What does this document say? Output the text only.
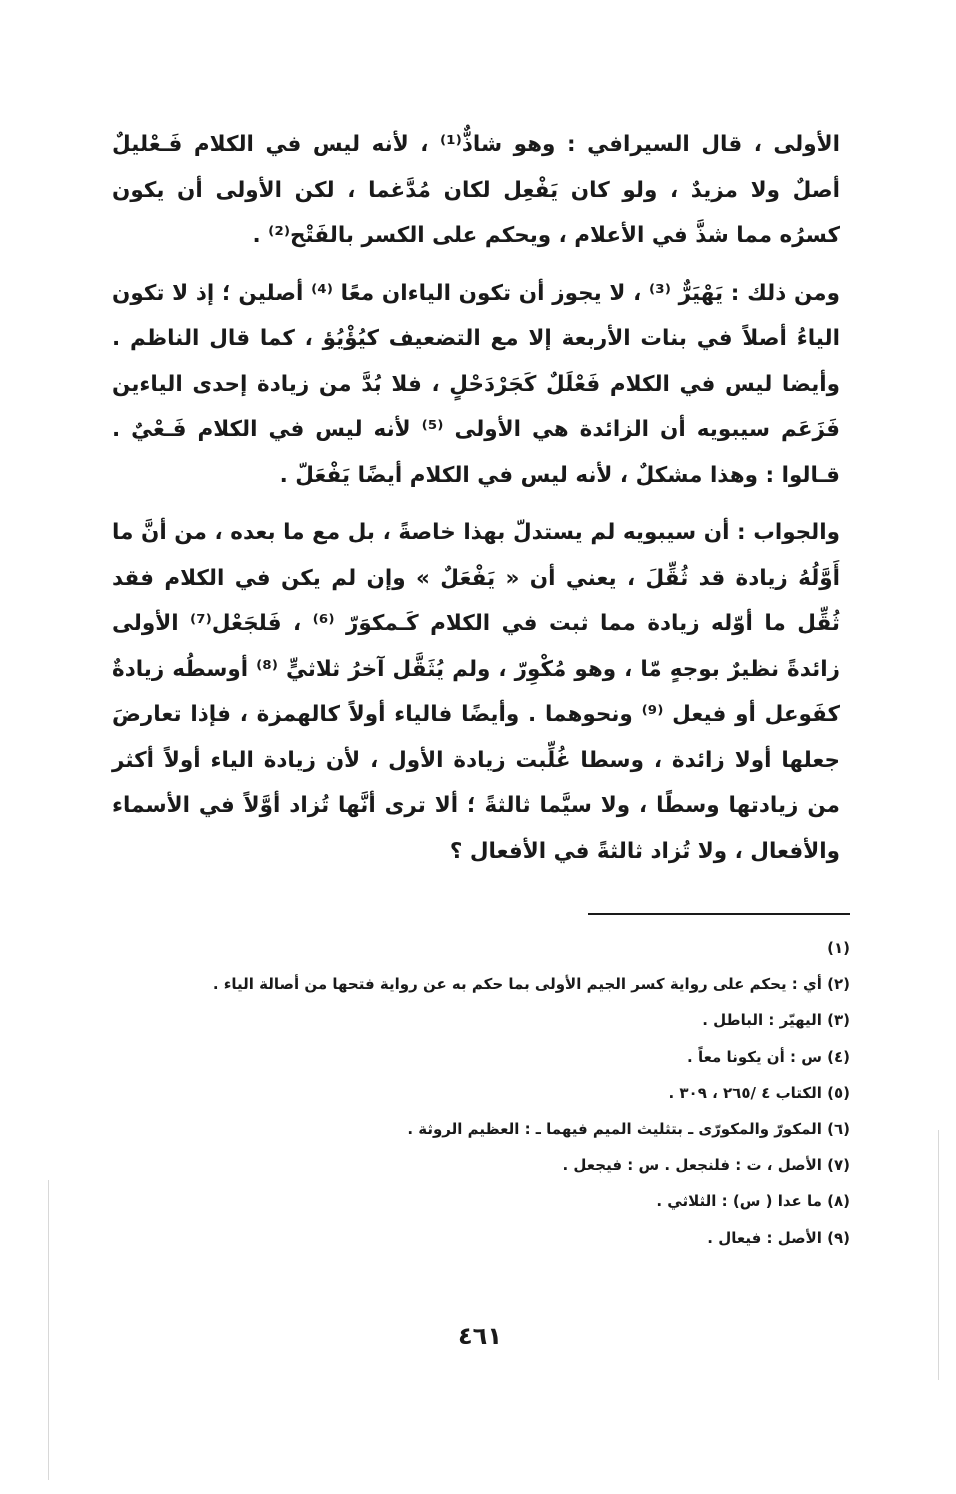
الأولى ، قال السيرافي : وهو شاذٌّ⁽¹⁾ ، لأنه ليس في الكلام فَـعْليلٌ أصلٌ ولا مزيدٌ ، ولو كان يَفْعِل لكان مُدَّغما ، لكن الأولى أن يكون كسرُه مما شذَّ في الأعلام ، ويحكم على الكسر بالفَتْح⁽²⁾ .

ومن ذلك : يَهْيَرٌّ ⁽³⁾ ، لا يجوز أن تكون الياءان معًا ⁽⁴⁾ أصلين ؛ إذ لا تكون الياءُ أصلاً في بنات الأربعة إلا مع التضعيف كيُؤْيُؤ ، كما قال الناظم . وأيضا ليس في الكلام فَعْلَلٌ كَجَرْدَحْلٍ ، فلا بُدَّ من زيادة إحدى الياءين فَزَعَم سيبويه أن الزائدة هي الأولى ⁽⁵⁾ لأنه ليس في الكلام فَـعْيٌ . قـالوا : وهذا مشكلٌ ، لأنه ليس في الكلام أيضًا يَفْعَلّ .

والجواب : أن سيبويه لم يستدلّ بهذا خاصةً ، بل مع ما بعده ، من أنَّ ما أَوَّلُهُ زيادة قد ثُقِّلَ ، يعني أن « يَفْعَلٌ » وإن لم يكن في الكلام فقد ثُقِّل ما أوّله زيادة مما ثبت في الكلام كَـمكوَرّ ⁽⁶⁾ ، فَلجَعْل⁽⁷⁾ الأولى زائدةً نظيرٌ بوجهٍ مّا ، وهو مُكْوِرّ ، ولم يُثَقَّل آخرُ ثلاثيٍّ ⁽⁸⁾ أوسطُه زيادةٌ كفَوعل أو فيعل ⁽⁹⁾ ونحوهما . وأيضًا فالياء أولاً كالهمزة ، فإذا تعارضَ جعلها أولا زائدة ، وسطا غُلِّبت زيادة الأول ، لأن زيادة الياء أولاً أكثر من زيادتها وسطًا ، ولا سيَّما ثالثةً ؛ ألا ترى أنَّها تُزاد أوَّلاً في الأسماء والأفعال ، ولا تُزاد ثالثةً في الأفعال ؟

(١)
(٢) أي : يحكم على رواية كسر الجيم الأولى بما حكم به عن رواية فتحها من أصالة الياء .
(٣) اليهيّر : الباطل .
(٤) س : أن يكونا معاً .
(٥) الكتاب ٤ /٢٦٥ ، ٣٠٩ .
(٦) المكورّ والمكورّى ـ بتثليث الميم فيهما ـ : العظيم الروثة .
(٧) الأصل ، ت : فلنجعل . س : فيجعل .
(٨) ما عدا ( س) : الثلاثي .
(٩) الأصل : فيعال .
٤٦١
